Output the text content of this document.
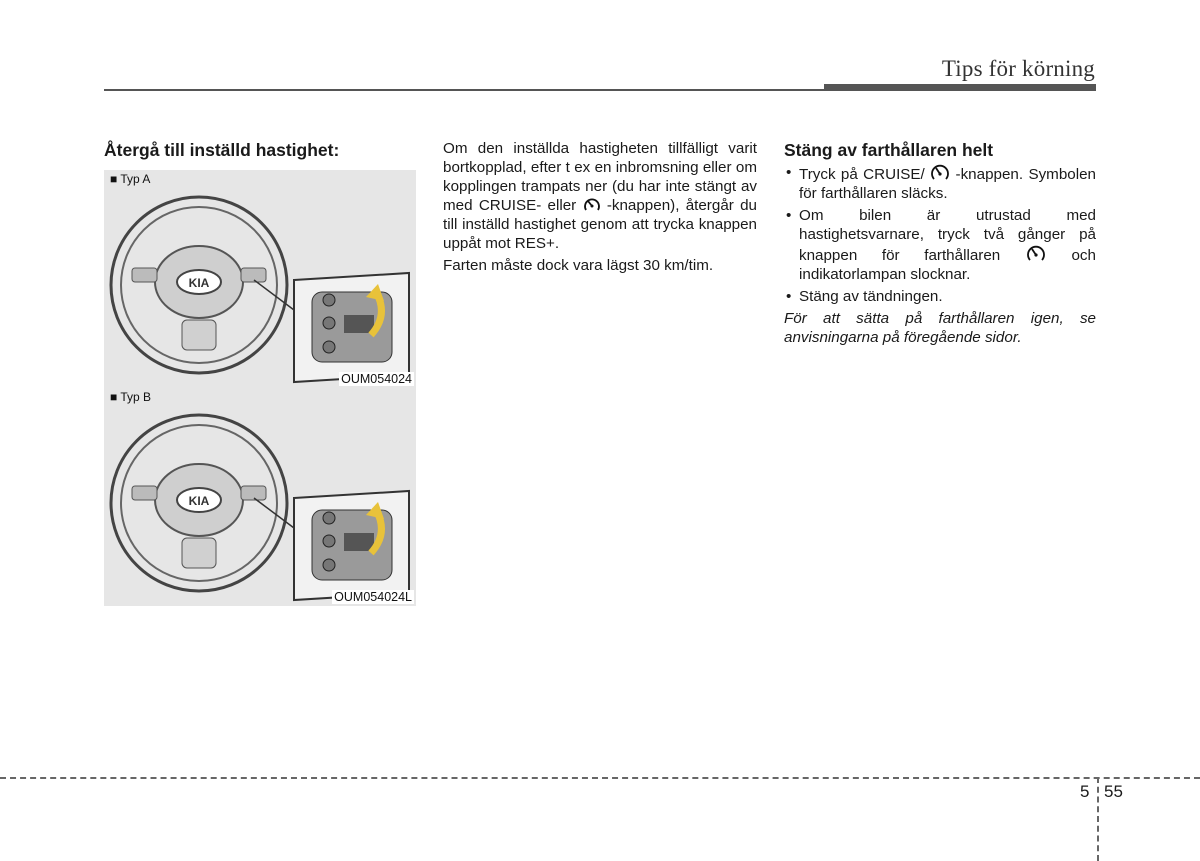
Tips för körning
Återgå till inställd hastighet:
KIA
■ Typ A
OUM054024
KIA
■ Typ B
OUM054024L

Om den inställda hastigheten tillfälligt varit bortkopplad, efter t ex en inbromsning eller om kopplingen trampats ner (du har inte stängt av med CRUISE- eller -knappen), återgår du till inställd hastighet genom att trycka knappen uppåt mot RES+.

Farten måste dock vara lägst 30 km/tim.

Stäng av farthållaren helt
• Tryck på CRUISE/ -knappen. Symbolen för farthållaren släcks.
• Om bilen är utrustad med hastighetsvarnare, tryck två gånger på knappen för farthållaren	och indikatorlampan slocknar.
• Stäng av tändningen.

För att sätta på farthållaren igen, se anvisningarna på föregående sidor.

5 55
